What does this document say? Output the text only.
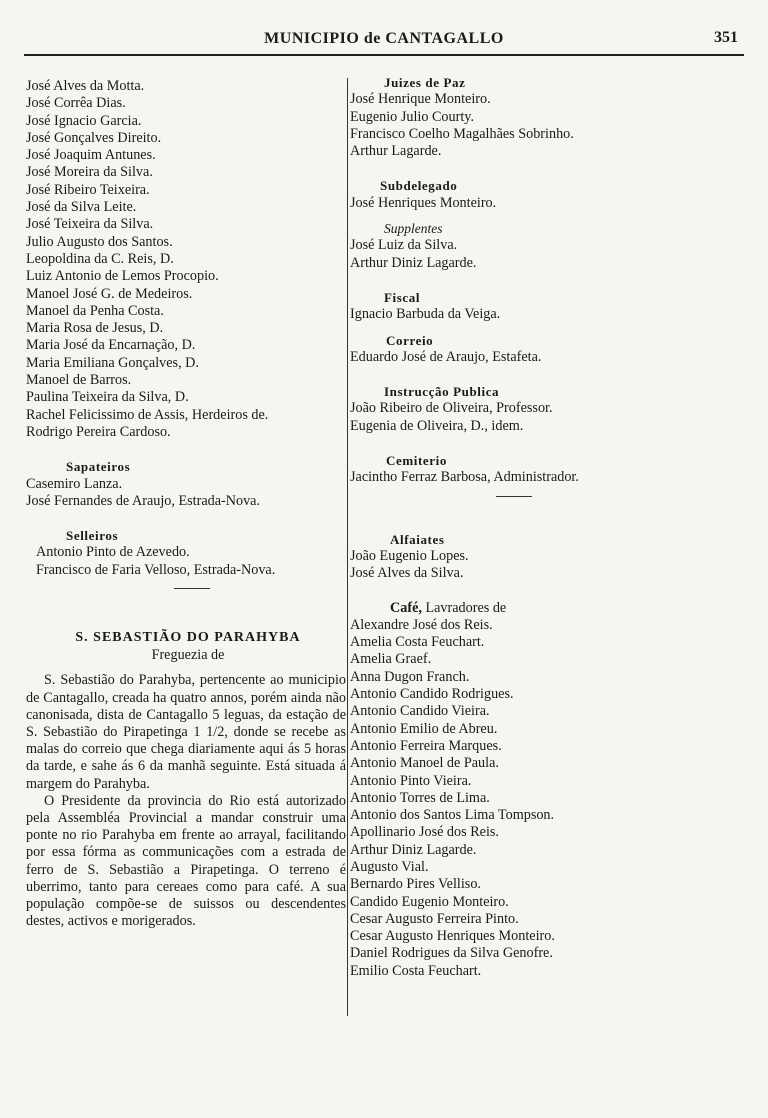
MUNICIPIO de CANTAGALLO	351
José Alves da Motta.
José Corrêa Dias.
José Ignacio Garcia.
José Gonçalves Direito.
José Joaquim Antunes.
José Moreira da Silva.
José Ribeiro Teixeira.
José da Silva Leite.
José Teixeira da Silva.
Julio Augusto dos Santos.
Leopoldina da C. Reis, D.
Luiz Antonio de Lemos Procopio.
Manoel José G. de Medeiros.
Manoel da Penha Costa.
Maria Rosa de Jesus, D.
Maria José da Encarnação, D.
Maria Emiliana Gonçalves, D.
Manoel de Barros.
Paulina Teixeira da Silva, D.
Rachel Felicissimo de Assis, Herdeiros de.
Rodrigo Pereira Cardoso.
Sapateiros
Casemiro Lanza.
José Fernandes de Araujo, Estrada-Nova.
Selleiros
Antonio Pinto de Azevedo.
Francisco de Faria Velloso, Estrada-Nova.
S. SEBASTIÃO DO PARAHYBA
Freguezia de

S. Sebastião do Parahyba, pertencente ao municipio de Cantagallo, creada ha quatro annos, porém ainda não canonisada, dista de Cantagallo 5 leguas, da estação de S. Sebastião do Pirapetinga 1 1/2, donde se recebe as malas do correio que chega diariamente aqui ás 5 horas da tarde, e sahe ás 6 da manhã seguinte. Está situada á margem do Parahyba.

O Presidente da provincia do Rio está autorizado pela Assembléa Provincial a mandar construir uma ponte no rio Parahyba em frente ao arrayal, facilitando por essa fórma as communicações com a estrada de ferro de S. Sebastião a Pirapetinga. O terreno é uberrimo, tanto para cereaes como para café. A sua população compõe-se de suissos ou descendentes destes, activos e morigerados.

Juizes de Paz
José Henrique Monteiro.
Eugenio Julio Courty.
Francisco Coelho Magalhães Sobrinho.
Arthur Lagarde.
Subdelegado
José Henriques Monteiro.
Supplentes
José Luiz da Silva.
Arthur Diniz Lagarde.
Fiscal
Ignacio Barbuda da Veiga.
Correio
Eduardo José de Araujo, Estafeta.
Instrucção Publica
João Ribeiro de Oliveira, Professor.
Eugenia de Oliveira, D., idem.
Cemiterio
Jacintho Ferraz Barbosa, Administrador.
Alfaiates
João Eugenio Lopes.
José Alves da Silva.
Café, Lavradores de
Alexandre José dos Reis.
Amelia Costa Feuchart.
Amelia Graef.
Anna Dugon Franch.
Antonio Candido Rodrigues.
Antonio Candido Vieira.
Antonio Emilio de Abreu.
Antonio Ferreira Marques.
Antonio Manoel de Paula.
Antonio Pinto Vieira.
Antonio Torres de Lima.
Antonio dos Santos Lima Tompson.
Apollinario José dos Reis.
Arthur Diniz Lagarde.
Augusto Vial.
Bernardo Pires Velliso.
Candido Eugenio Monteiro.
Cesar Augusto Ferreira Pinto.
Cesar Augusto Henriques Monteiro.
Daniel Rodrigues da Silva Genofre.
Emilio Costa Feuchart.
